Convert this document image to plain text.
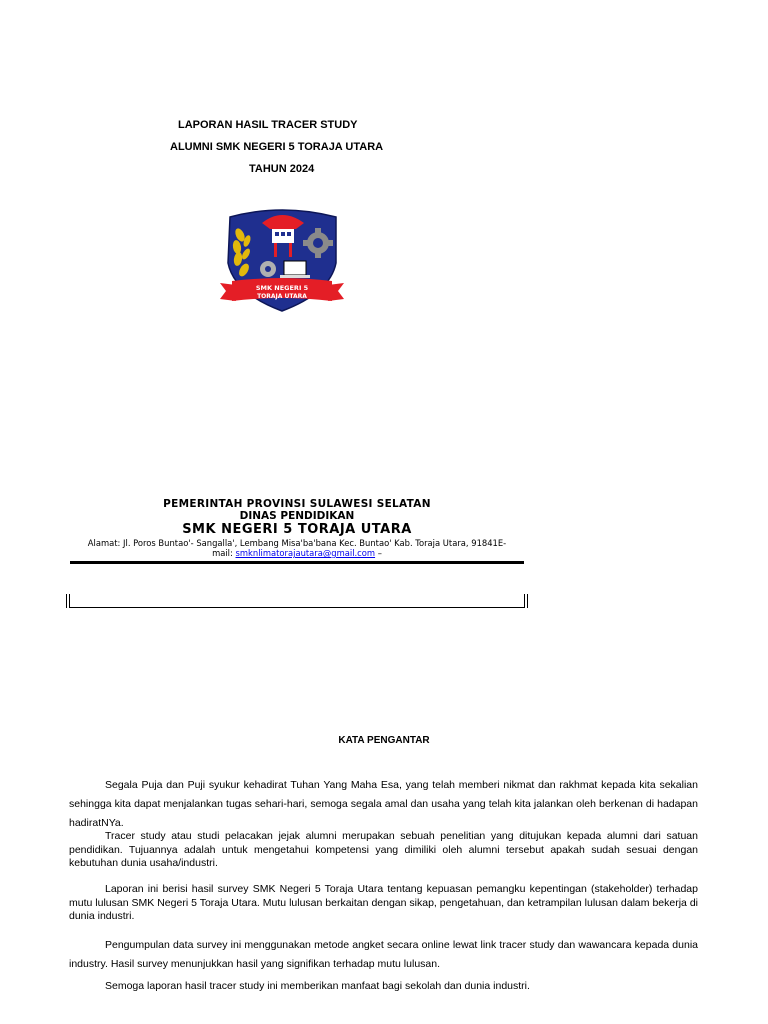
LAPORAN HASIL TRACER STUDY
ALUMNI SMK NEGERI 5 TORAJA UTARA
TAHUN 2024
SMK NEGERI 5
TORAJA UTARA
PEMERINTAH PROVINSI SULAWESI SELATAN
DINAS PENDIDIKAN
SMK NEGERI 5 TORAJA UTARA
Alamat: Jl. Poros Buntao'- Sangalla', Lembang Misa'ba'bana Kec. Buntao' Kab. Toraja Utara, 91841E-
mail: smknlimatorajautara@gmail.com –
KATA PENGANTAR

Segala Puja dan Puji syukur kehadirat Tuhan Yang Maha Esa, yang telah memberi nikmat dan rakhmat kepada kita sekalian sehingga kita dapat menjalankan tugas sehari-hari, semoga segala amal dan usaha yang telah kita jalankan oleh berkenan di hadapan hadiratNYa.

Tracer study atau studi pelacakan jejak alumni merupakan sebuah penelitian yang ditujukan kepada alumni dari satuan pendidikan. Tujuannya adalah untuk mengetahui kompetensi yang dimiliki oleh alumni tersebut apakah sudah sesuai dengan kebutuhan dunia usaha/industri.

Laporan ini berisi hasil survey SMK Negeri 5 Toraja Utara tentang kepuasan pemangku kepentingan (stakeholder) terhadap mutu lulusan SMK Negeri 5 Toraja Utara. Mutu lulusan berkaitan dengan sikap, pengetahuan, dan ketrampilan lulusan dalam bekerja di dunia industri.

Pengumpulan data survey ini menggunakan metode angket secara online lewat link tracer study dan wawancara kepada dunia industry. Hasil survey menunjukkan hasil yang signifikan terhadap mutu lulusan.

Semoga laporan hasil tracer study ini memberikan manfaat bagi sekolah dan dunia industri.
